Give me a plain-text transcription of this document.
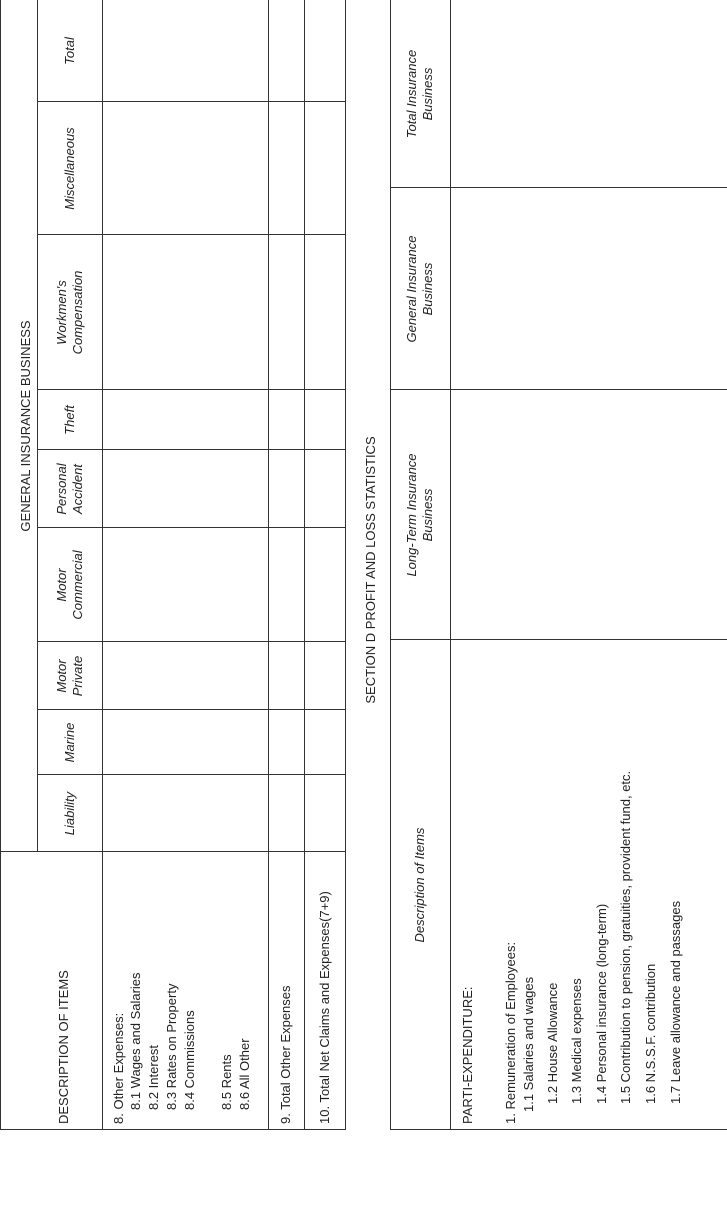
GENERAL INSURANCE BUSINESS
DESCRIPTION OF ITEMS
Liability
Marine
Motor Private
Motor Commercial
Personal Accident
Theft
Workmen's Compensation
Miscellaneous
Total
8. Other Expenses: 8.1 Wages and Salaries 8.2 Interest 8.3 Rates on Property 8.4 Commissions 8.5 Rents 8.6 All Other 9. Total Other Expenses 10. Total Net Claims and Expenses(7+9)
SECTION D PROFIT AND LOSS STATISTICS
Description of Items
Long-Term Insurance Business
General Insurance Business
Total Insurance Business
PARTI-EXPENDITURE: 1. Remuneration of Employees: 1.1 Salaries and wages 1.2 House Allowance 1.3 Medical expenses 1.4 Personal insurance (long-term) 1.5 Contribution to pension, gratuities, provident fund, etc. 1.6 N.S.S.F. contribution 1.7 Leave allowance and passages
